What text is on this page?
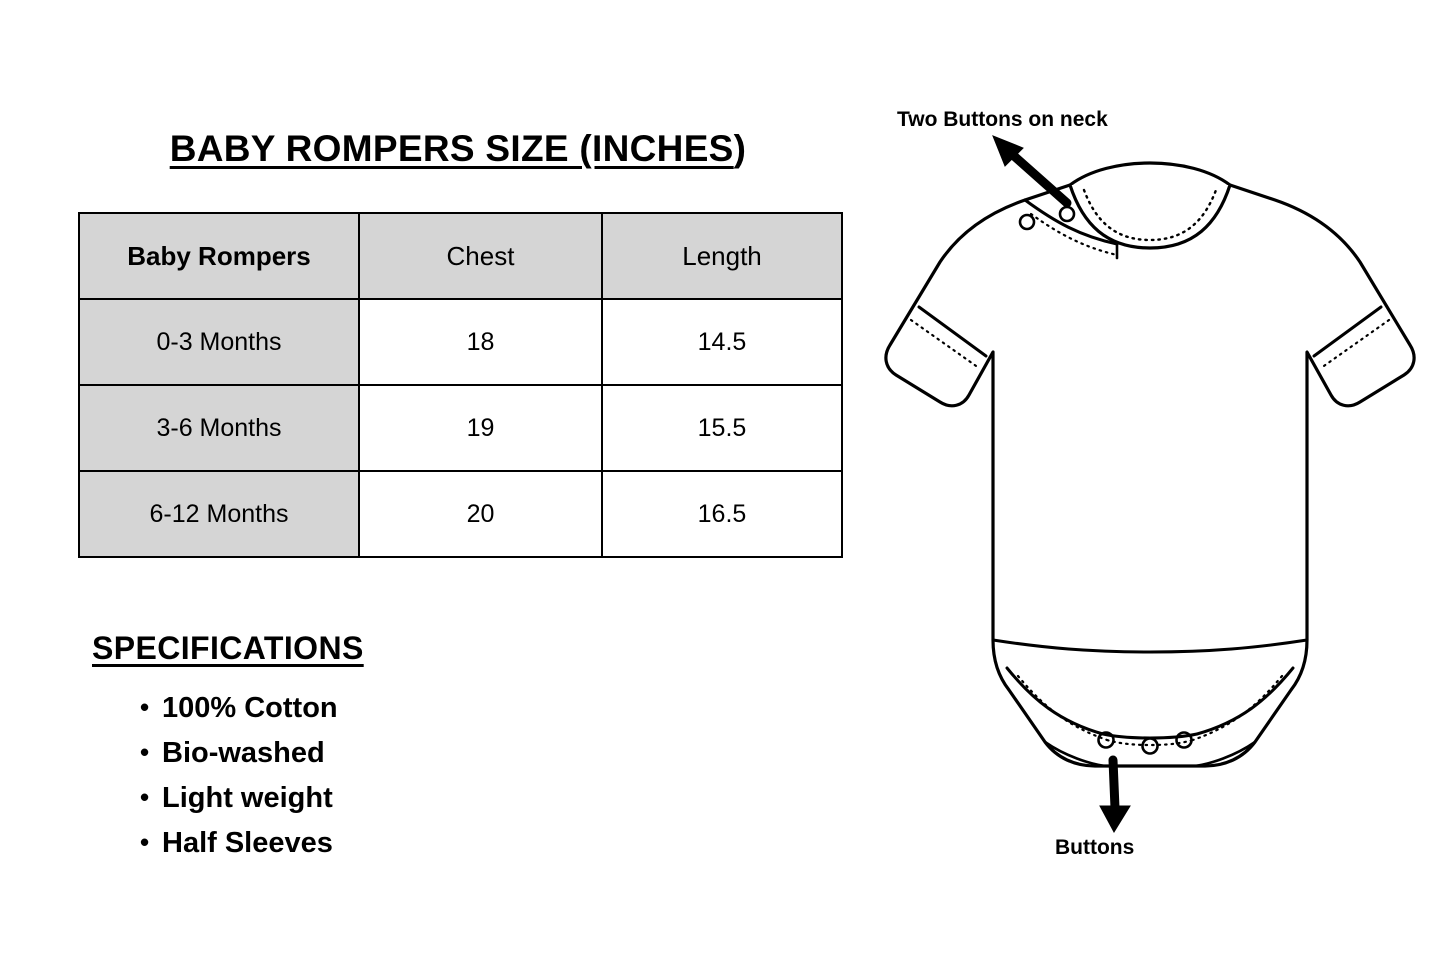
BABY ROMPERS SIZE (INCHES)
Baby Rompers	Chest	Length
0-3 Months	18	14.5
3-6 Months	19	15.5
6-12 Months	20	16.5
SPECIFICATIONS
• 100% Cotton
• Bio-washed
• Light weight
• Half Sleeves
Two Buttons on neck
Buttons
